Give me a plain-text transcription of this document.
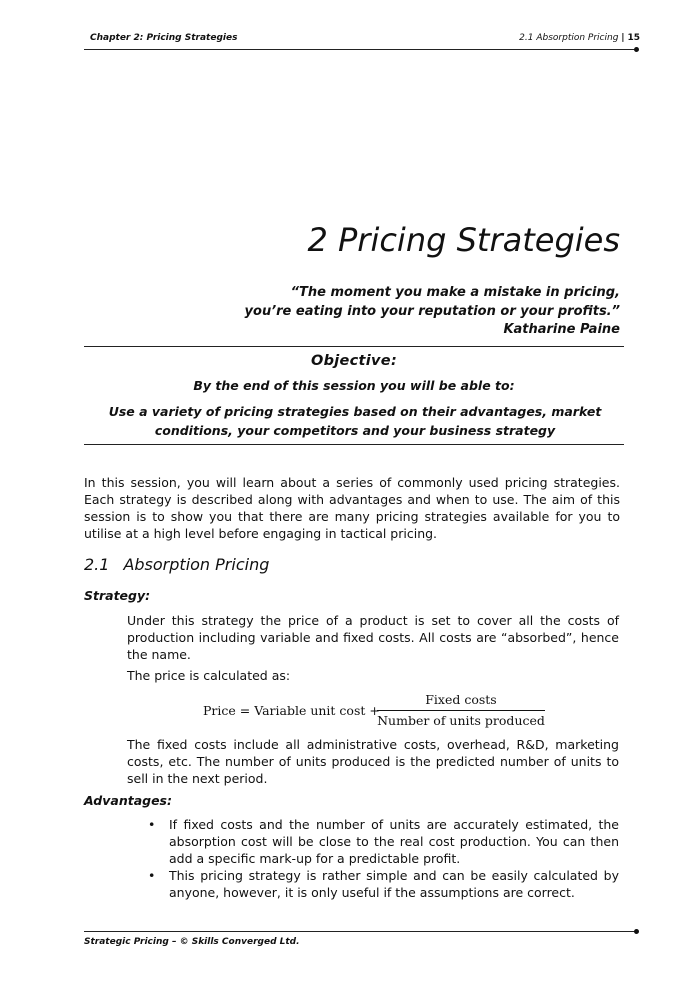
Chapter 2: Pricing Strategies	2.1 Absorption Pricing | 15
2 Pricing Strategies
“The moment you make a mistake in pricing,
you’re eating into your reputation or your profits.”
Katharine Paine
Objective:
By the end of this session you will be able to:
Use a variety of pricing strategies based on their advantages, market conditions, your competitors and your business strategy
In this session, you will learn about a series of commonly used pricing strategies. Each strategy is described along with advantages and when to use. The aim of this session is to show you that there are many pricing strategies available for you to utilise at a high level before engaging in tactical pricing.
2.1 Absorption Pricing
Strategy:
Under this strategy the price of a product is set to cover all the costs of production including variable and fixed costs. All costs are “absorbed”, hence the name.
The price is calculated as:
Price = Variable unit cost +
Fixed costs
Number of units produced
The fixed costs include all administrative costs, overhead, R&D, marketing costs, etc. The number of units produced is the predicted number of units to sell in the next period.
Advantages:
• If fixed costs and the number of units are accurately estimated, the absorption cost will be close to the real cost production. You can then add a specific mark-up for a predictable profit.
• This pricing strategy is rather simple and can be easily calculated by anyone, however, it is only useful if the assumptions are correct.
Strategic Pricing – © Skills Converged Ltd.
